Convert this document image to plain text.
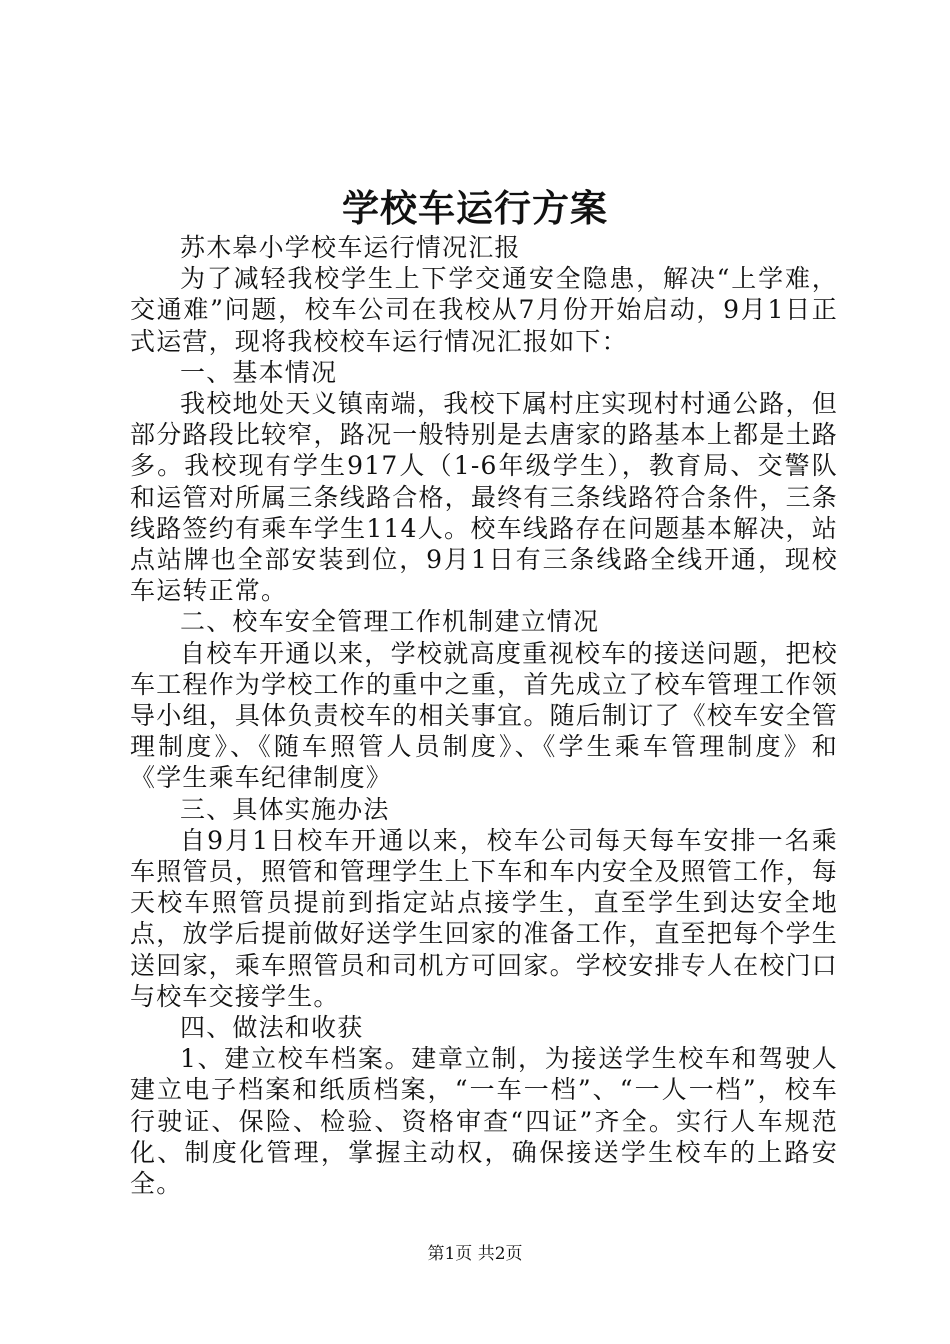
学校车运行方案

苏木皋小学校车运行情况汇报

为了减轻我校学生上下学交通安全隐患，解决“上学难，交通难”问题，校车公司在我校从7月份开始启动，9月1日正式运营，现将我校校车运行情况汇报如下：

一、基本情况

我校地处天义镇南端，我校下属村庄实现村村通公路，但部分路段比较窄，路况一般特别是去唐家的路基本上都是土路多。我校现有学生917人（1-6年级学生），教育局、交警队和运管对所属三条线路合格，最终有三条线路符合条件，三条线路签约有乘车学生114人。校车线路存在问题基本解决，站点站牌也全部安装到位，9月1日有三条线路全线开通，现校车运转正常。

二、校车安全管理工作机制建立情况

自校车开通以来，学校就高度重视校车的接送问题，把校车工程作为学校工作的重中之重，首先成立了校车管理工作领导小组，具体负责校车的相关事宜。随后制订了《校车安全管理制度》、《随车照管人员制度》、《学生乘车管理制度》和《学生乘车纪律制度》

三、具体实施办法

自9月1日校车开通以来，校车公司每天每车安排一名乘车照管员，照管和管理学生上下车和车内安全及照管工作，每天校车照管员提前到指定站点接学生，直至学生到达安全地点，放学后提前做好送学生回家的准备工作，直至把每个学生送回家，乘车照管员和司机方可回家。学校安排专人在校门口与校车交接学生。

四、做法和收获

1、建立校车档案。建章立制，为接送学生校车和驾驶人建立电子档案和纸质档案，“一车一档”、“一人一档”，校车行驶证、保险、检验、资格审查“四证”齐全。实行人车规范化、制度化管理，掌握主动权，确保接送学生校车的上路安全。

第1页 共2页
